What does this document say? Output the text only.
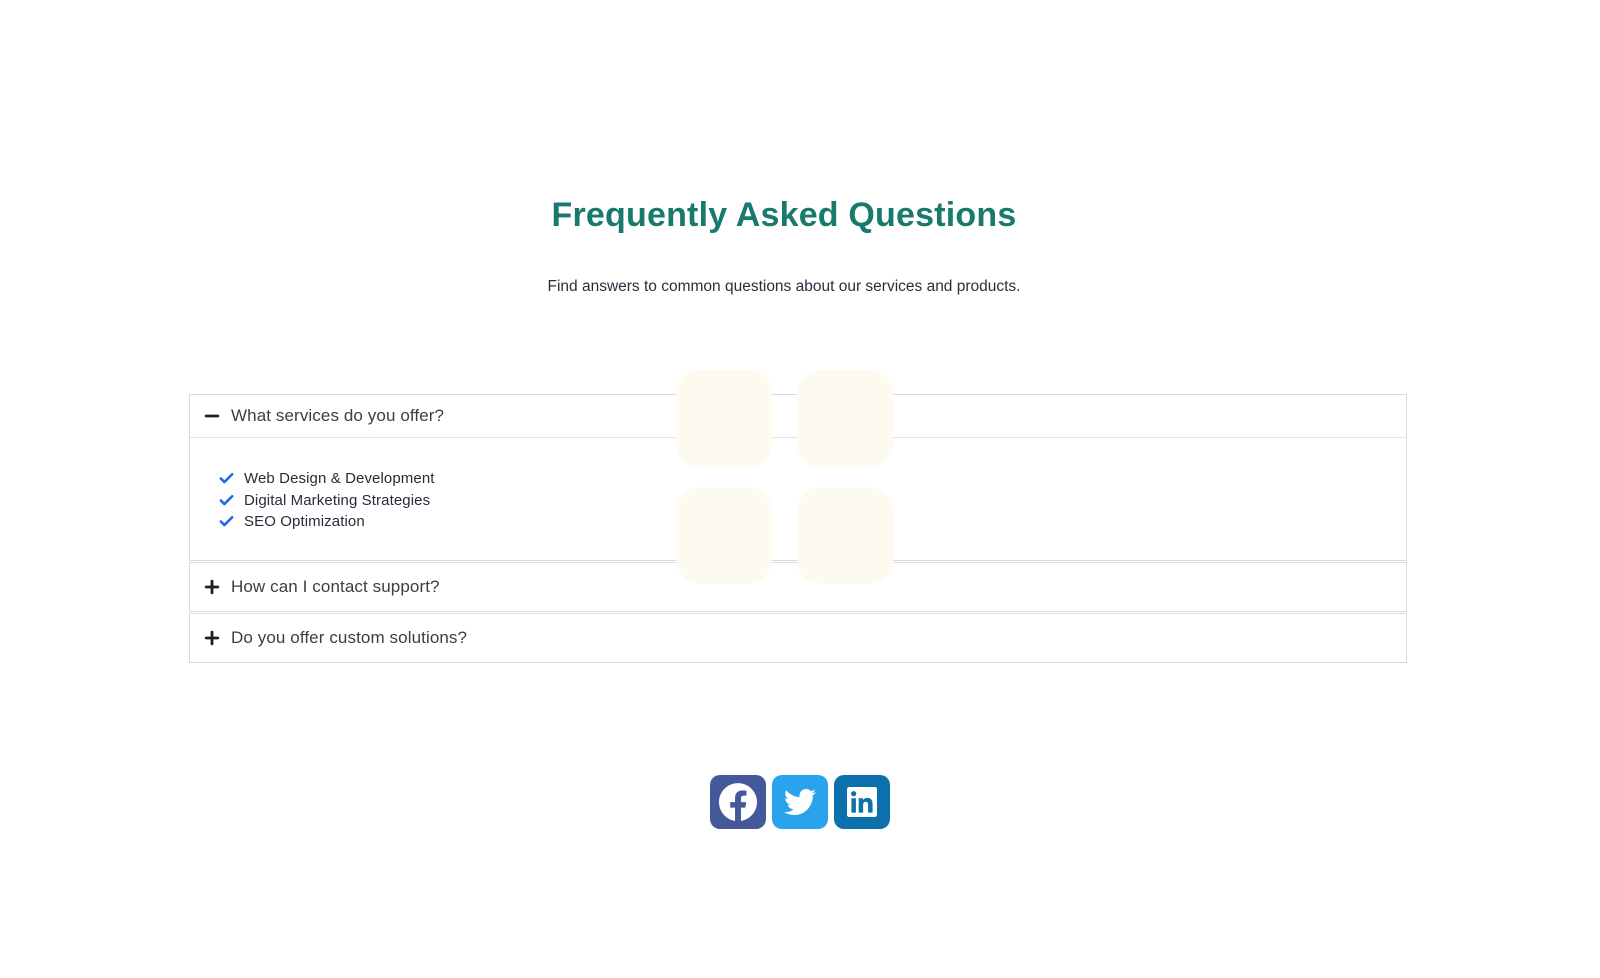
Frequently Asked Questions

Find answers to common questions about our services and products.

What services do you offer?
Web Design & Development
Digital Marketing Strategies
SEO Optimization
How can I contact support?
Do you offer custom solutions?
